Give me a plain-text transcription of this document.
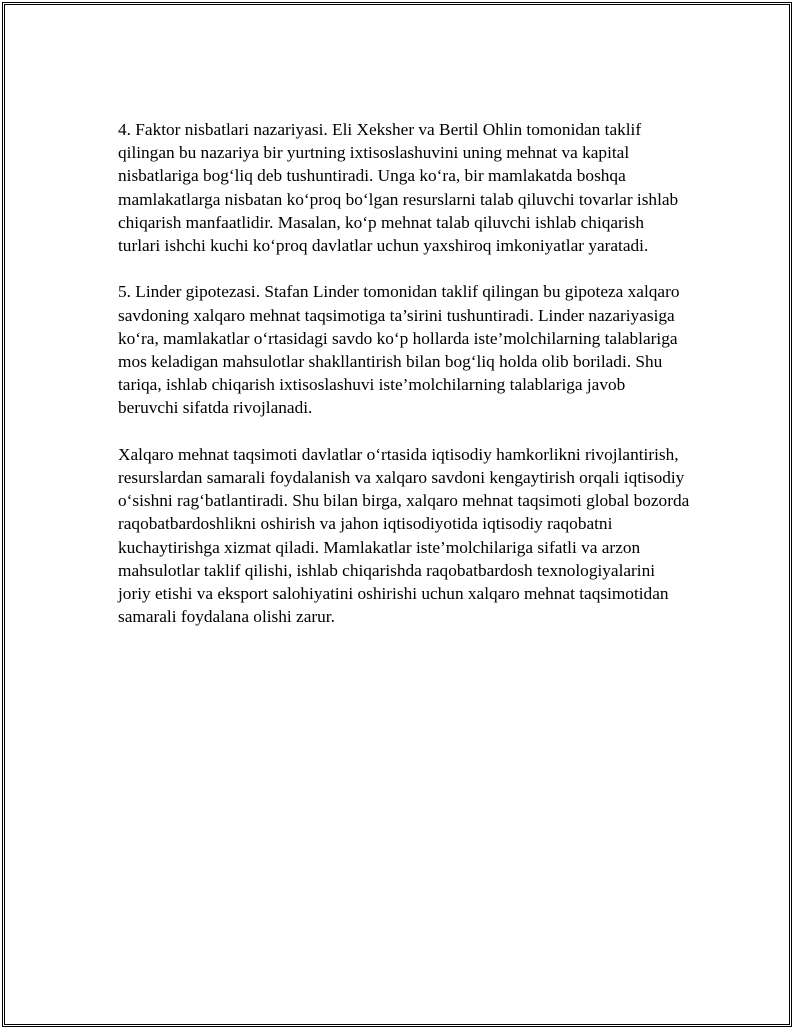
4. Faktor nisbatlari nazariyasi. Eli Xeksher va Bertil Ohlin tomonidan taklif qilingan bu nazariya bir yurtning ixtisoslashuvini uning mehnat va kapital nisbatlariga bog‘liq deb tushuntiradi. Unga ko‘ra, bir mamlakatda boshqa mamlakatlarga nisbatan ko‘proq bo‘lgan resurslarni talab qiluvchi tovarlar ishlab chiqarish manfaatlidir. Masalan, ko‘p mehnat talab qiluvchi ishlab chiqarish turlari ishchi kuchi ko‘proq davlatlar uchun yaxshiroq imkoniyatlar yaratadi.

5. Linder gipotezasi. Stafan Linder tomonidan taklif qilingan bu gipoteza xalqaro savdoning xalqaro mehnat taqsimotiga ta’sirini tushuntiradi. Linder nazariyasiga ko‘ra, mamlakatlar o‘rtasidagi savdo ko‘p hollarda iste’molchilarning talablariga mos keladigan mahsulotlar shakllantirish bilan bog‘liq holda olib boriladi. Shu tariqa, ishlab chiqarish ixtisoslashuvi iste’molchilarning talablariga javob beruvchi sifatda rivojlanadi.

Xalqaro mehnat taqsimoti davlatlar o‘rtasida iqtisodiy hamkorlikni rivojlantirish, resurslardan samarali foydalanish va xalqaro savdoni kengaytirish orqali iqtisodiy o‘sishni rag‘batlantiradi. Shu bilan birga, xalqaro mehnat taqsimoti global bozorda raqobatbardoshlikni oshirish va jahon iqtisodiyotida iqtisodiy raqobatni kuchaytirishga xizmat qiladi. Mamlakatlar iste’molchilariga sifatli va arzon mahsulotlar taklif qilishi, ishlab chiqarishda raqobatbardosh texnologiyalarini joriy etishi va eksport salohiyatini oshirishi uchun xalqaro mehnat taqsimotidan samarali foydalana olishi zarur.
